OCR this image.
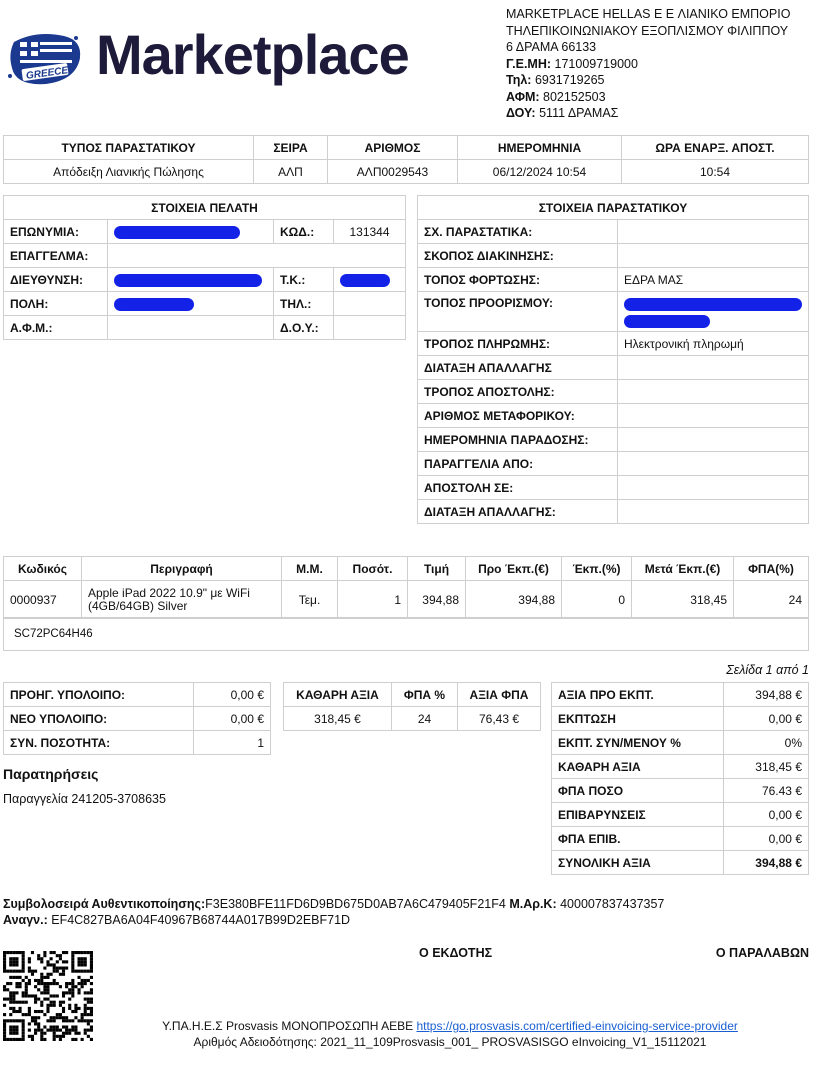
GREECE Marketplace
MARKETPLACE HELLAS E E ΛΙΑΝΙΚΟ ΕΜΠΟΡΙΟ
ΤΗΛΕΠΙΚΟΙΝΩΝΙΑΚΟΥ ΕΞΟΠΛΙΣΜΟΥ ΦΙΛΙΠΠΟΥ
6 ΔΡΑΜΑ 66133
Γ.Ε.ΜΗ: 171009719000
Τηλ: 6931719265
ΑΦΜ: 802152503
ΔΟΥ: 5111 ΔΡΑΜΑΣ
ΤΥΠΟΣ ΠΑΡΑΣΤΑΤΙΚΟΥ	ΣΕΙΡΑ	ΑΡΙΘΜΟΣ	ΗΜΕΡΟΜΗΝΙΑ	ΩΡΑ ΕΝΑΡΞ. ΑΠΟΣΤ.
Απόδειξη Λιανικής Πώλησης	ΑΛΠ	ΑΛΠ0029543	06/12/2024 10:54	10:54
ΣΤΟΙΧΕΙΑ ΠΕΛΑΤΗ			
ΕΠΩΝΥΜΙΑ:		ΚΩΔ.:	131344
ΕΠΑΓΓΕΛΜΑ:			
ΔΙΕΥΘΥΝΣΗ:		Τ.Κ.:	
ΠΟΛΗ:		ΤΗΛ.:	
Α.Φ.Μ.:		Δ.Ο.Υ.:	
ΣΤΟΙΧΕΙΑ ΠΑΡΑΣΤΑΤΙΚΟΥ	
ΣΧ. ΠΑΡΑΣΤΑΤΙΚΑ:	
ΣΚΟΠΟΣ ΔΙΑΚΙΝΗΣΗΣ:	
ΤΟΠΟΣ ΦΟΡΤΩΣΗΣ:	ΕΔΡΑ ΜΑΣ
ΤΟΠΟΣ ΠΡΟΟΡΙΣΜΟΥ:	

ΤΡΟΠΟΣ ΠΛΗΡΩΜΗΣ:	Ηλεκτρονική πληρωμή
ΔΙΑΤΑΞΗ ΑΠΑΛΛΑΓΗΣ	
ΤΡΟΠΟΣ ΑΠΟΣΤΟΛΗΣ:	
ΑΡΙΘΜΟΣ ΜΕΤΑΦΟΡΙΚΟΥ:	
ΗΜΕΡΟΜΗΝΙΑ ΠΑΡΑΔΟΣΗΣ:	
ΠΑΡΑΓΓΕΛΙΑ ΑΠΟ:	
ΑΠΟΣΤΟΛΗ ΣΕ:	
ΔΙΑΤΑΞΗ ΑΠΑΛΛΑΓΗΣ:	
Κωδικός	Περιγραφή	Μ.Μ.	Ποσότ.	Τιμή	Προ Έκπ.(€)	Έκπ.(%)	Μετά Έκπ.(€)	ΦΠΑ(%)
0000937	Apple iPad 2022 10.9" με WiFi (4GB/64GB) Silver	Τεμ.	1	394,88	394,88	0	318,45	24
SC72PC64H46
Σελίδα 1 από 1
ΠΡΟΗΓ. ΥΠΟΛΟΙΠΟ:	0,00 €
ΝΕΟ ΥΠΟΛΟΙΠΟ:	0,00 €
ΣΥΝ. ΠΟΣΟΤΗΤΑ:	1
ΚΑΘΑΡΗ ΑΞΙΑ	ΦΠΑ %	ΑΞΙΑ ΦΠΑ
318,45 €	24	76,43 €
ΑΞΙΑ ΠΡΟ ΕΚΠΤ.	394,88 €
ΕΚΠΤΩΣΗ	0,00 €
ΕΚΠΤ. ΣΥΝ/ΜΕΝΟΥ %	0%
ΚΑΘΑΡΗ ΑΞΙΑ	318,45 €
ΦΠΑ ΠΟΣΟ	76.43 €
ΕΠΙΒΑΡΥΝΣΕΙΣ	0,00 €
ΦΠΑ ΕΠΙΒ.	0,00 €
ΣΥΝΟΛΙΚΗ ΑΞΙΑ	394,88 €
Παρατηρήσεις
Παραγγελία 241205-3708635
Συμβολοσειρά Αυθεντικοποίησης:F3E380BFE11FD6D9BD675D0AB7A6C479405F21F4 Μ.Αρ.Κ: 400007837437357
Αναγν.: EF4C827BA6A04F40967B68744A017B99D2EBF71D
Ο ΕΚΔΟΤΗΣ	Ο ΠΑΡΑΛΑΒΩΝ
Υ.ΠΑ.Η.Ε.Σ Prosvasis ΜΟΝΟΠΡΟΣΩΠΗ ΑΕΒΕ https://go.prosvasis.com/certified-einvoicing-service-provider
Αριθμός Αδειοδότησης: 2021_11_109Prosvasis_001_ PROSVASISGO eInvoicing_V1_15112021
